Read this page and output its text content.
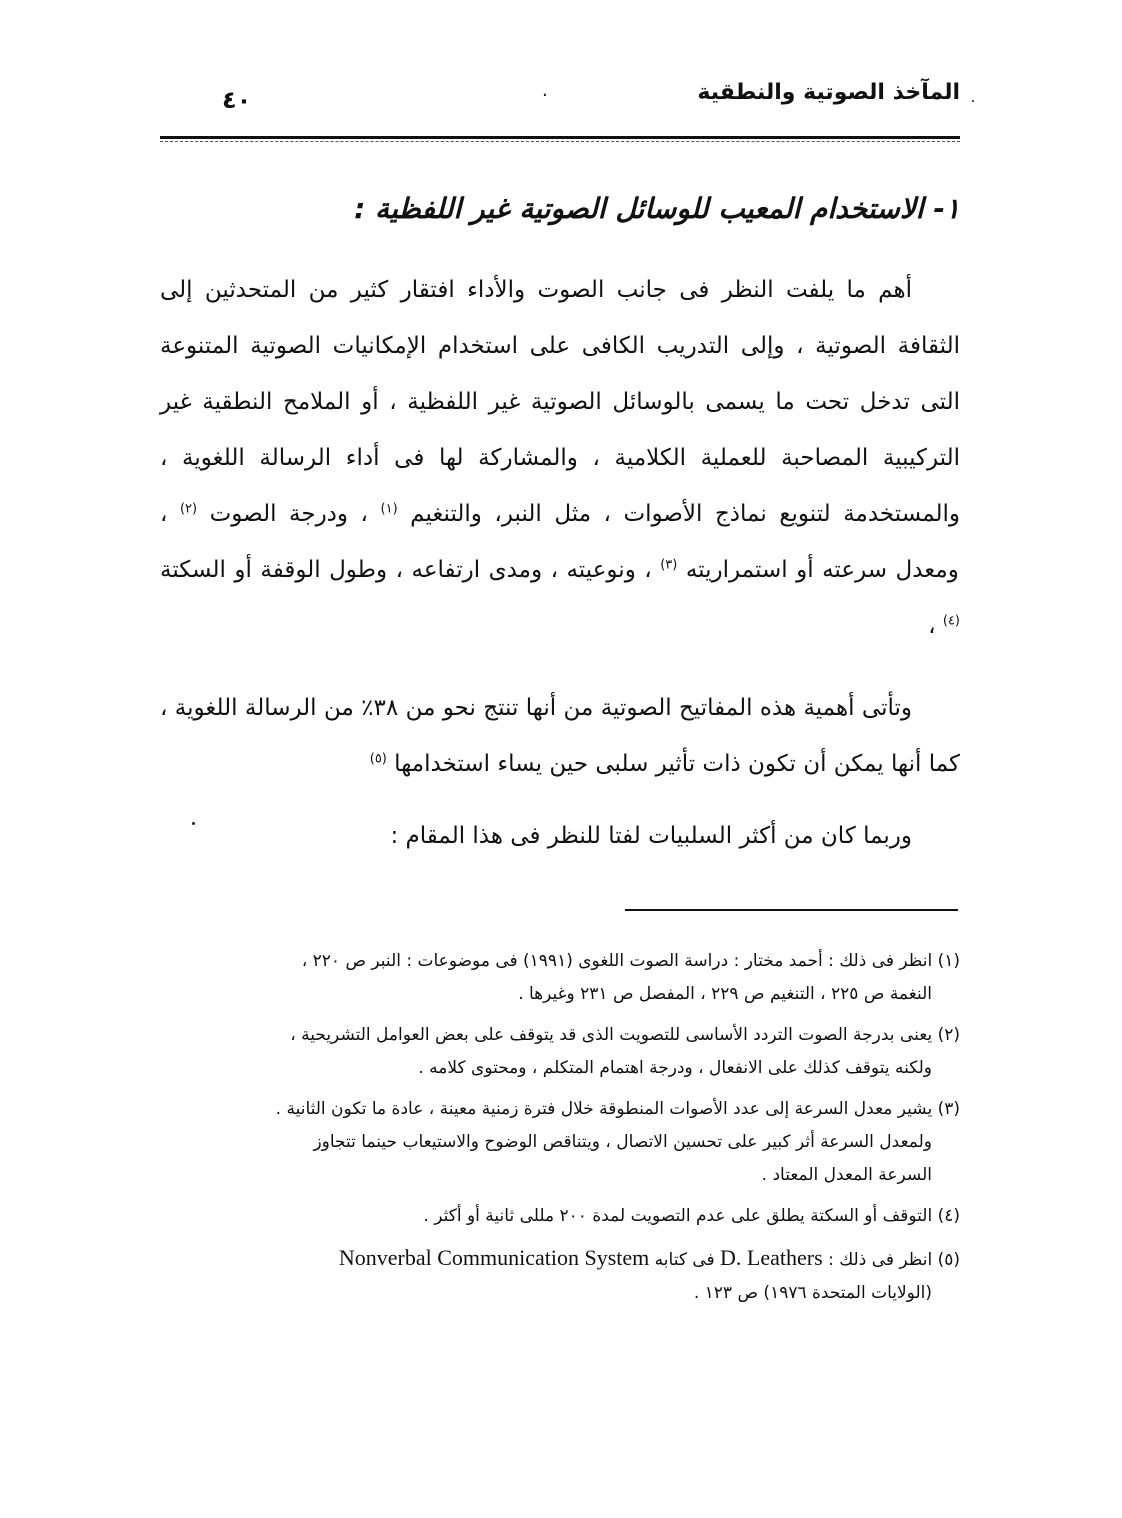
المآخذ الصوتية والنطقية
.
٤٠
١- الاستخدام المعيب للوسائل الصوتية غير اللفظية :
أهم ما يلفت النظر فى جانب الصوت والأداء افتقار كثير من المتحدثين إلى الثقافة الصوتية ، وإلى التدريب الكافى على استخدام الإمكانيات الصوتية المتنوعة التى تدخل تحت ما يسمى بالوسائل الصوتية غير اللفظية ، أو الملامح النطقية غير التركيبية المصاحبة للعملية الكلامية ، والمشاركة لها فى أداء الرسالة اللغوية ، والمستخدمة لتنويع نماذج الأصوات ، مثل النبر، والتنغيم $^{(١)}$ ، ودرجة الصوت $^{(٢)}$ ، ومعدل سرعته أو استمراريته $^{(٣)}$ ، ونوعيته ، ومدى ارتفاعه ، وطول الوقفة أو السكتة $^{(٤)}$ ،
وتأتى أهمية هذه المفاتيح الصوتية من أنها تنتج نحو من ٣٨٪ من الرسالة اللغوية ، كما أنها يمكن أن تكون ذات تأثير سلبى حين يساء استخدامها $^{(٥)}$
وربما كان من أكثر السلبيات لفتا للنظر فى هذا المقام :
(١) انظر فى ذلك : أحمد مختار : دراسة الصوت اللغوى (١٩٩١) فى موضوعات : النبر ص ٢٢٠ ،
النغمة ص ٢٢٥ ، التنغيم ص ٢٢٩ ، المفصل ص ٢٣١ وغيرها .
(٢) يعنى بدرجة الصوت التردد الأساسى للتصويت الذى قد يتوقف على بعض العوامل التشريحية ،
ولكنه يتوقف كذلك على الانفعال ، ودرجة اهتمام المتكلم ، ومحتوى كلامه .
(٣) يشير معدل السرعة إلى عدد الأصوات المنطوقة خلال فترة زمنية معينة ، عادة ما تكون الثانية .
ولمعدل السرعة أثر كبير على تحسين الاتصال ، ويتناقص الوضوح والاستيعاب حينما تتجاوز
السرعة المعدل المعتاد .
(٤) التوقف أو السكتة يطلق على عدم التصويت لمدة ٢٠٠ مللى ثانية أو أكثر .
(٥) انظر فى ذلك : D. Leathers فى كتابه Nonverbal Communication System
(الولايات المتحدة ١٩٧٦) ص ١٢٣ .
